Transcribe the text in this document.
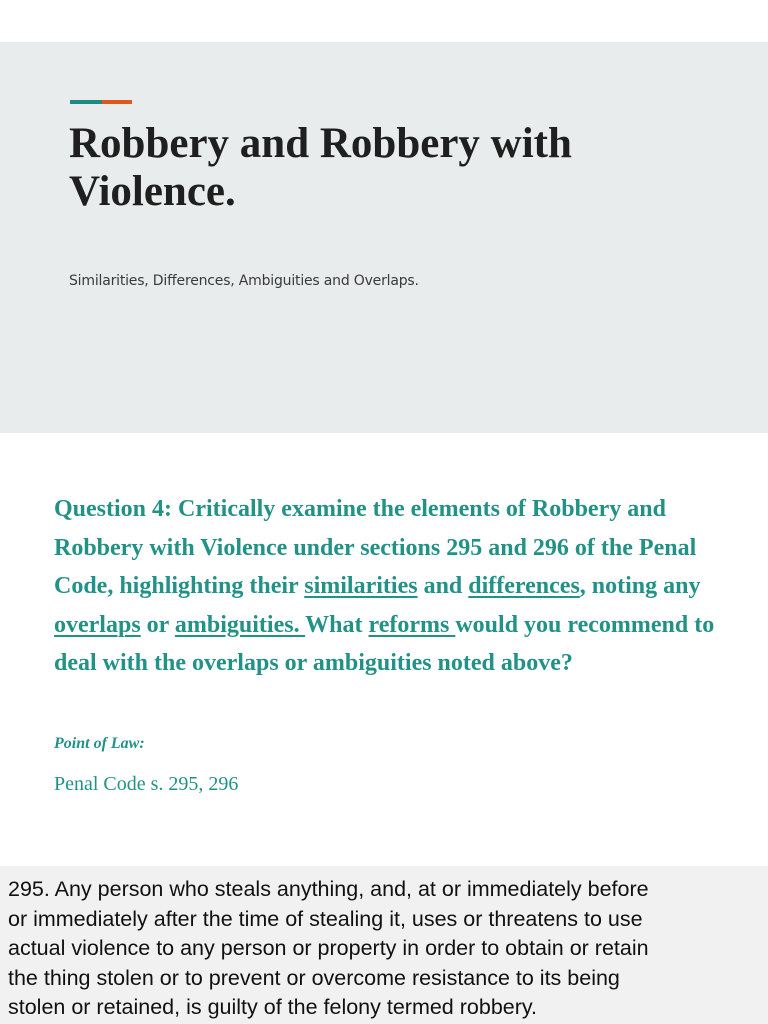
Robbery and Robbery with Violence.

Similarities, Differences, Ambiguities and Overlaps.

Question 4: Critically examine the elements of Robbery and Robbery with Violence under sections 295 and 296 of the Penal Code, highlighting their similarities and differences, noting any overlaps or ambiguities. What reforms would you recommend to deal with the overlaps or ambiguities noted above?

Point of Law:

Penal Code s. 295, 296

295. Any person who steals anything, and, at or immediately before
or immediately after the time of stealing it, uses or threatens to use
actual violence to any person or property in order to obtain or retain
the thing stolen or to prevent or overcome resistance to its being
stolen or retained, is guilty of the felony termed robbery.
